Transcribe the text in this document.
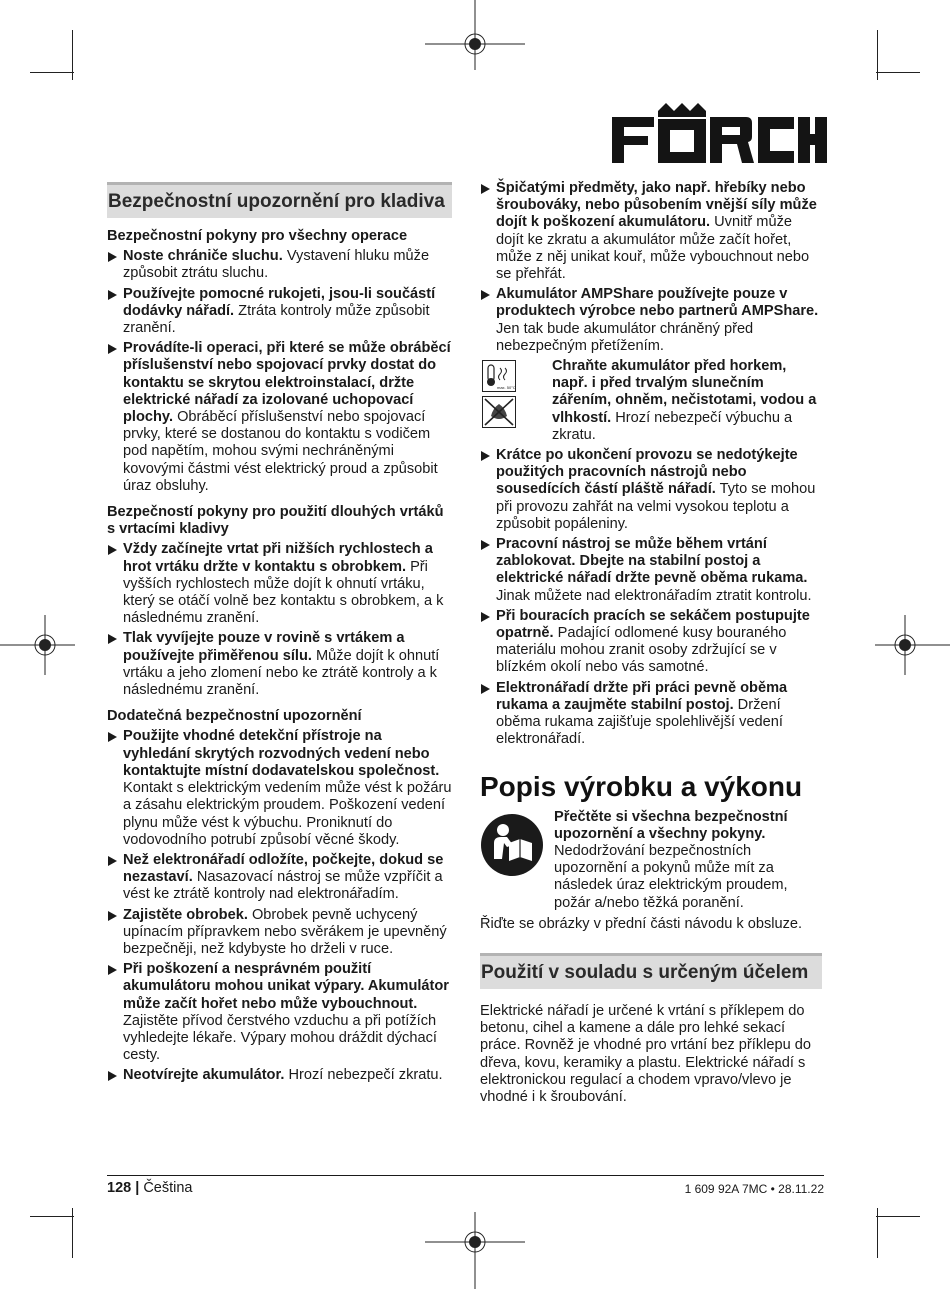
Bezpečnostní upozornění pro kladiva
Bezpečnostní pokyny pro všechny operace
Noste chrániče sluchu. Vystavení hluku může způsobit ztrátu sluchu.
Používejte pomocné rukojeti, jsou-li součástí dodávky nářadí. Ztráta kontroly může způsobit zranění.
Provádíte-li operaci, při které se může obráběcí příslušenství nebo spojovací prvky dostat do kontaktu se skrytou elektroinstalací, držte elektrické nářadí za izolované uchopovací plochy. Obráběcí příslušenství nebo spojovací prvky, které se dostanou do kontaktu s vodičem pod napětím, mohou svými nechráněnými kovovými částmi vést elektrický proud a způsobit úraz obsluhy.
Bezpečností pokyny pro použití dlouhých vrtáků s vrtacími kladivy
Vždy začínejte vrtat při nižších rychlostech a hrot vrtáku držte v kontaktu s obrobkem. Při vyšších rychlostech může dojít k ohnutí vrtáku, který se otáčí volně bez kontaktu s obrobkem, a k následnému zranění.
Tlak vyvíjejte pouze v rovině s vrtákem a používejte přiměřenou sílu. Může dojít k ohnutí vrtáku a jeho zlomení nebo ke ztrátě kontroly a k následnému zranění.
Dodatečná bezpečnostní upozornění
Použijte vhodné detekční přístroje na vyhledání skrytých rozvodných vedení nebo kontaktujte místní dodavatelskou společnost. Kontakt s elektrickým vedením může vést k požáru a zásahu elektrickým proudem. Poškození vedení plynu může vést k výbuchu. Proniknutí do vodovodního potrubí způsobí věcné škody.
Než elektronářadí odložíte, počkejte, dokud se nezastaví. Nasazovací nástroj se může vzpříčit a vést ke ztrátě kontroly nad elektronářadím.
Zajistěte obrobek. Obrobek pevně uchycený upínacím přípravkem nebo svěrákem je upevněný bezpečněji, než kdybyste ho drželi v ruce.
Při poškození a nesprávném použití akumulátoru mohou unikat výpary. Akumulátor může začít hořet nebo může vybouchnout. Zajistěte přívod čerstvého vzduchu a při potížích vyhledejte lékaře. Výpary mohou dráždit dýchací cesty.
Neotvírejte akumulátor. Hrozí nebezpečí zkratu.
Špičatými předměty, jako např. hřebíky nebo šroubováky, nebo působením vnější síly může dojít k poškození akumulátoru. Uvnitř může dojít ke zkratu a akumulátor může začít hořet, může z něj unikat kouř, může vybouchnout nebo se přehřát.
Akumulátor AMPShare používejte pouze v produktech výrobce nebo partnerů AMPShare. Jen tak bude akumulátor chráněný před nebezpečným přetížením.
max. 50°C
Chraňte akumulátor před horkem, např. i před trvalým slunečním zářením, ohněm, nečistotami, vodou a vlhkostí. Hrozí nebezpečí výbuchu a zkratu.
Krátce po ukončení provozu se nedotýkejte použitých pracovních nástrojů nebo sousedících částí pláště nářadí. Tyto se mohou při provozu zahřát na velmi vysokou teplotu a způsobit popáleniny.
Pracovní nástroj se může během vrtání zablokovat. Dbejte na stabilní postoj a elektrické nářadí držte pevně oběma rukama. Jinak můžete nad elektronářadím ztratit kontrolu.
Při bouracích pracích se sekáčem postupujte opatrně. Padající odlomené kusy bouraného materiálu mohou zranit osoby zdržující se v blízkém okolí nebo vás samotné.
Elektronářadí držte při práci pevně oběma rukama a zaujměte stabilní postoj. Držení oběma rukama zajišťuje spolehlivější vedení elektronářadí.
Popis výrobku a výkonu
Přečtěte si všechna bezpečnostní upozornění a všechny pokyny. Nedodržování bezpečnostních upozornění a pokynů může mít za následek úraz elektrickým proudem, požár a/nebo těžká poranění.

Řiďte se obrázky v přední části návodu k obsluze.

Použití v souladu s určeným účelem

Elektrické nářadí je určené k vrtání s příklepem do betonu, cihel a kamene a dále pro lehké sekací práce. Rovněž je vhodné pro vrtání bez příklepu do dřeva, kovu, keramiky a plastu. Elektrické nářadí s elektronickou regulací a chodem vpravo/vlevo je vhodné i k šroubování.

128 | Čeština	1 609 92A 7MC • 28.11.22
